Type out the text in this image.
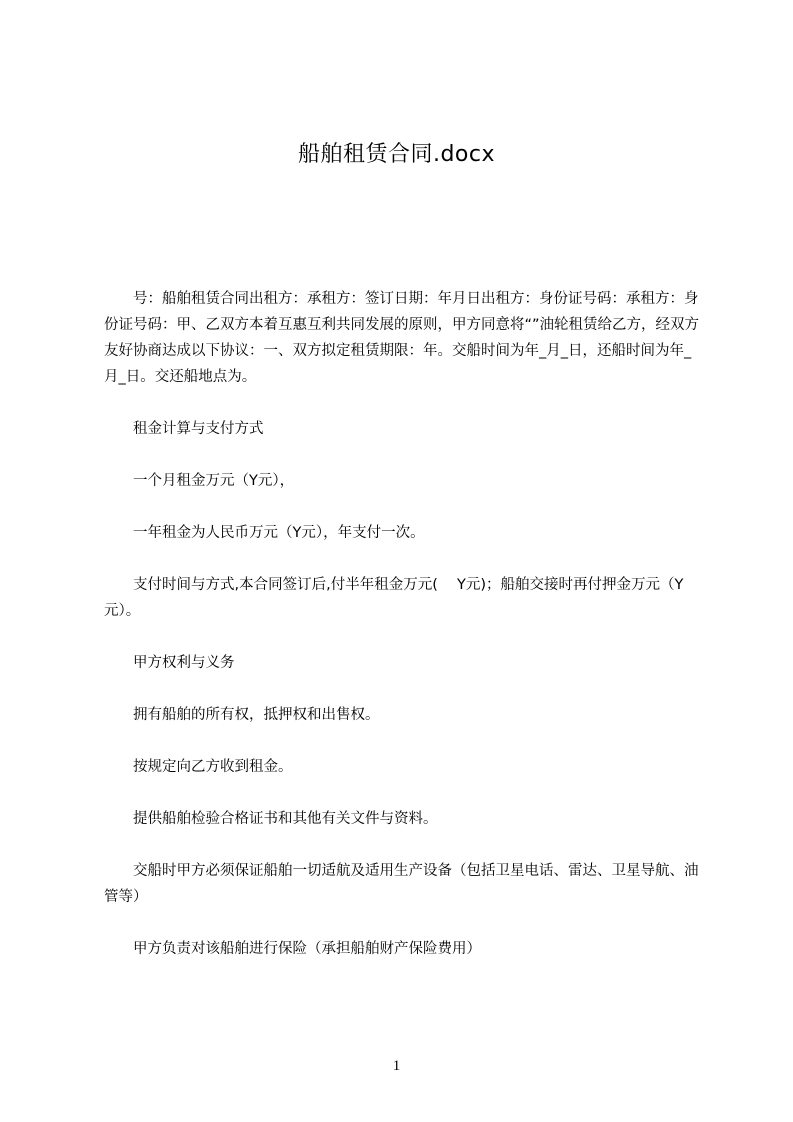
船舶租赁合同.docx

号：船舶租赁合同出租方：承租方：签订日期：年月日出租方：身份证号码：承租方：身份证号码：甲、乙双方本着互惠互利共同发展的原则，甲方同意将“”油轮租赁给乙方，经双方友好协商达成以下协议：一、双方拟定租赁期限：年。交船时间为年_月_日，还船时间为年_月_日。交还船地点为。

租金计算与支付方式

一个月租金万元（Y元），

一年租金为人民币万元（Y元），年支付一次。

支付时间与方式,本合同签订后,付半年租金万元(　 Y元)；船舶交接时再付押金万元（Y元）。

甲方权利与义务

拥有船舶的所有权，抵押权和出售权。

按规定向乙方收到租金。

提供船舶检验合格证书和其他有关文件与资料。

交船时甲方必须保证船舶一切适航及适用生产设备（包括卫星电话、雷达、卫星导航、油管等）

甲方负责对该船舶进行保险（承担船舶财产保险费用）

1
